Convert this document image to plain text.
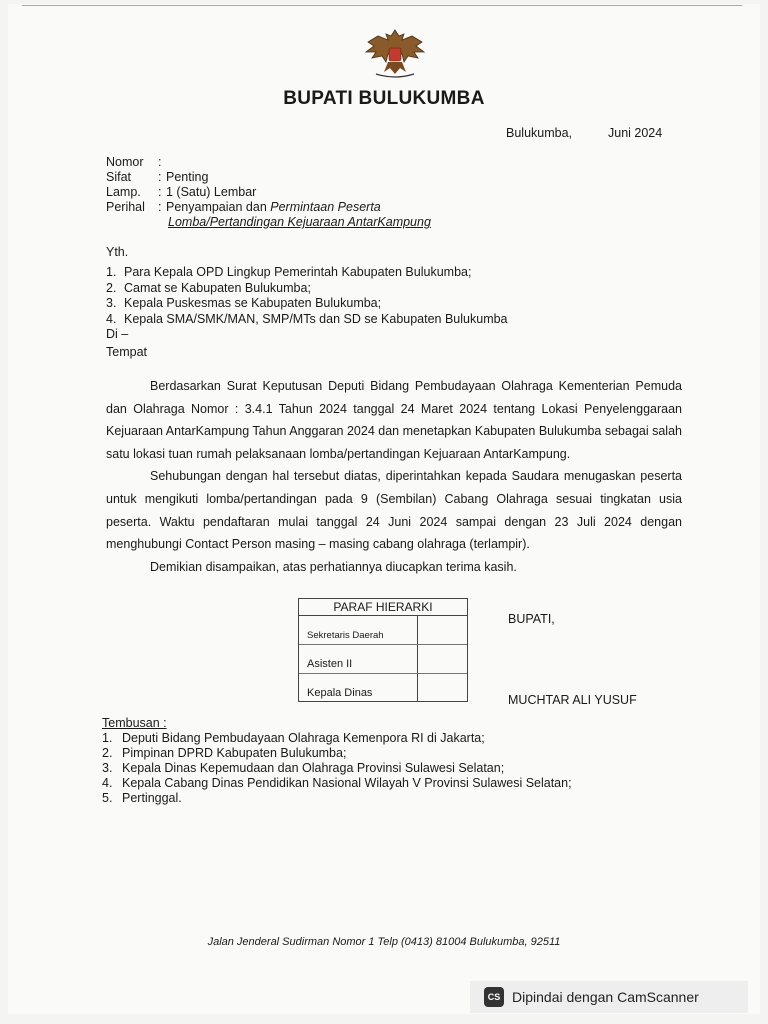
BUPATI BULUKUMBA
Bulukumba,	Juni 2024
Nomor	:
Sifat	: Penting
Lamp.	: 1 (Satu) Lembar
Perihal	: Penyampaian dan
Permintaan Peserta
Lomba/Pertandingan Kejuaraan AntarKampung
Yth.
1. Para Kepala OPD Lingkup Pemerintah Kabupaten Bulukumba;
2. Camat se Kabupaten Bulukumba;
3. Kepala Puskesmas se Kabupaten Bulukumba;
4. Kepala SMA/SMK/MAN, SMP/MTs dan SD se Kabupaten Bulukumba
Di –
Tempat

Berdasarkan Surat Keputusan Deputi Bidang Pembudayaan Olahraga Kementerian Pemuda dan Olahraga Nomor : 3.4.1 Tahun 2024 tanggal 24 Maret 2024 tentang Lokasi Penyelenggaraan Kejuaraan AntarKampung Tahun Anggaran 2024 dan menetapkan Kabupaten Bulukumba sebagai salah satu lokasi tuan rumah pelaksanaan lomba/pertandingan Kejuaraan AntarKampung.

Sehubungan dengan hal tersebut diatas, diperintahkan kepada Saudara menugaskan peserta untuk mengikuti lomba/pertandingan pada 9 (Sembilan) Cabang Olahraga sesuai tingkatan usia peserta. Waktu pendaftaran mulai tanggal 24 Juni 2024 sampai dengan 23 Juli 2024 dengan menghubungi Contact Person masing – masing cabang olahraga (terlampir).

Demikian disampaikan, atas perhatiannya diucapkan terima kasih.

PARAF HIERARKI
Sekretaris Daerah
Asisten II
Kepala Dinas
BUPATI,
MUCHTAR ALI YUSUF
Tembusan :
1. Deputi Bidang Pembudayaan Olahraga Kemenpora RI di Jakarta;
2. Pimpinan DPRD Kabupaten Bulukumba;
3. Kepala Dinas Kepemudaan dan Olahraga Provinsi Sulawesi Selatan;
4. Kepala Cabang Dinas Pendidikan Nasional Wilayah V Provinsi Sulawesi Selatan;
5. Pertinggal.
Jalan Jenderal Sudirman Nomor 1 Telp (0413) 81004 Bulukumba, 92511
CS Dipindai dengan CamScanner
